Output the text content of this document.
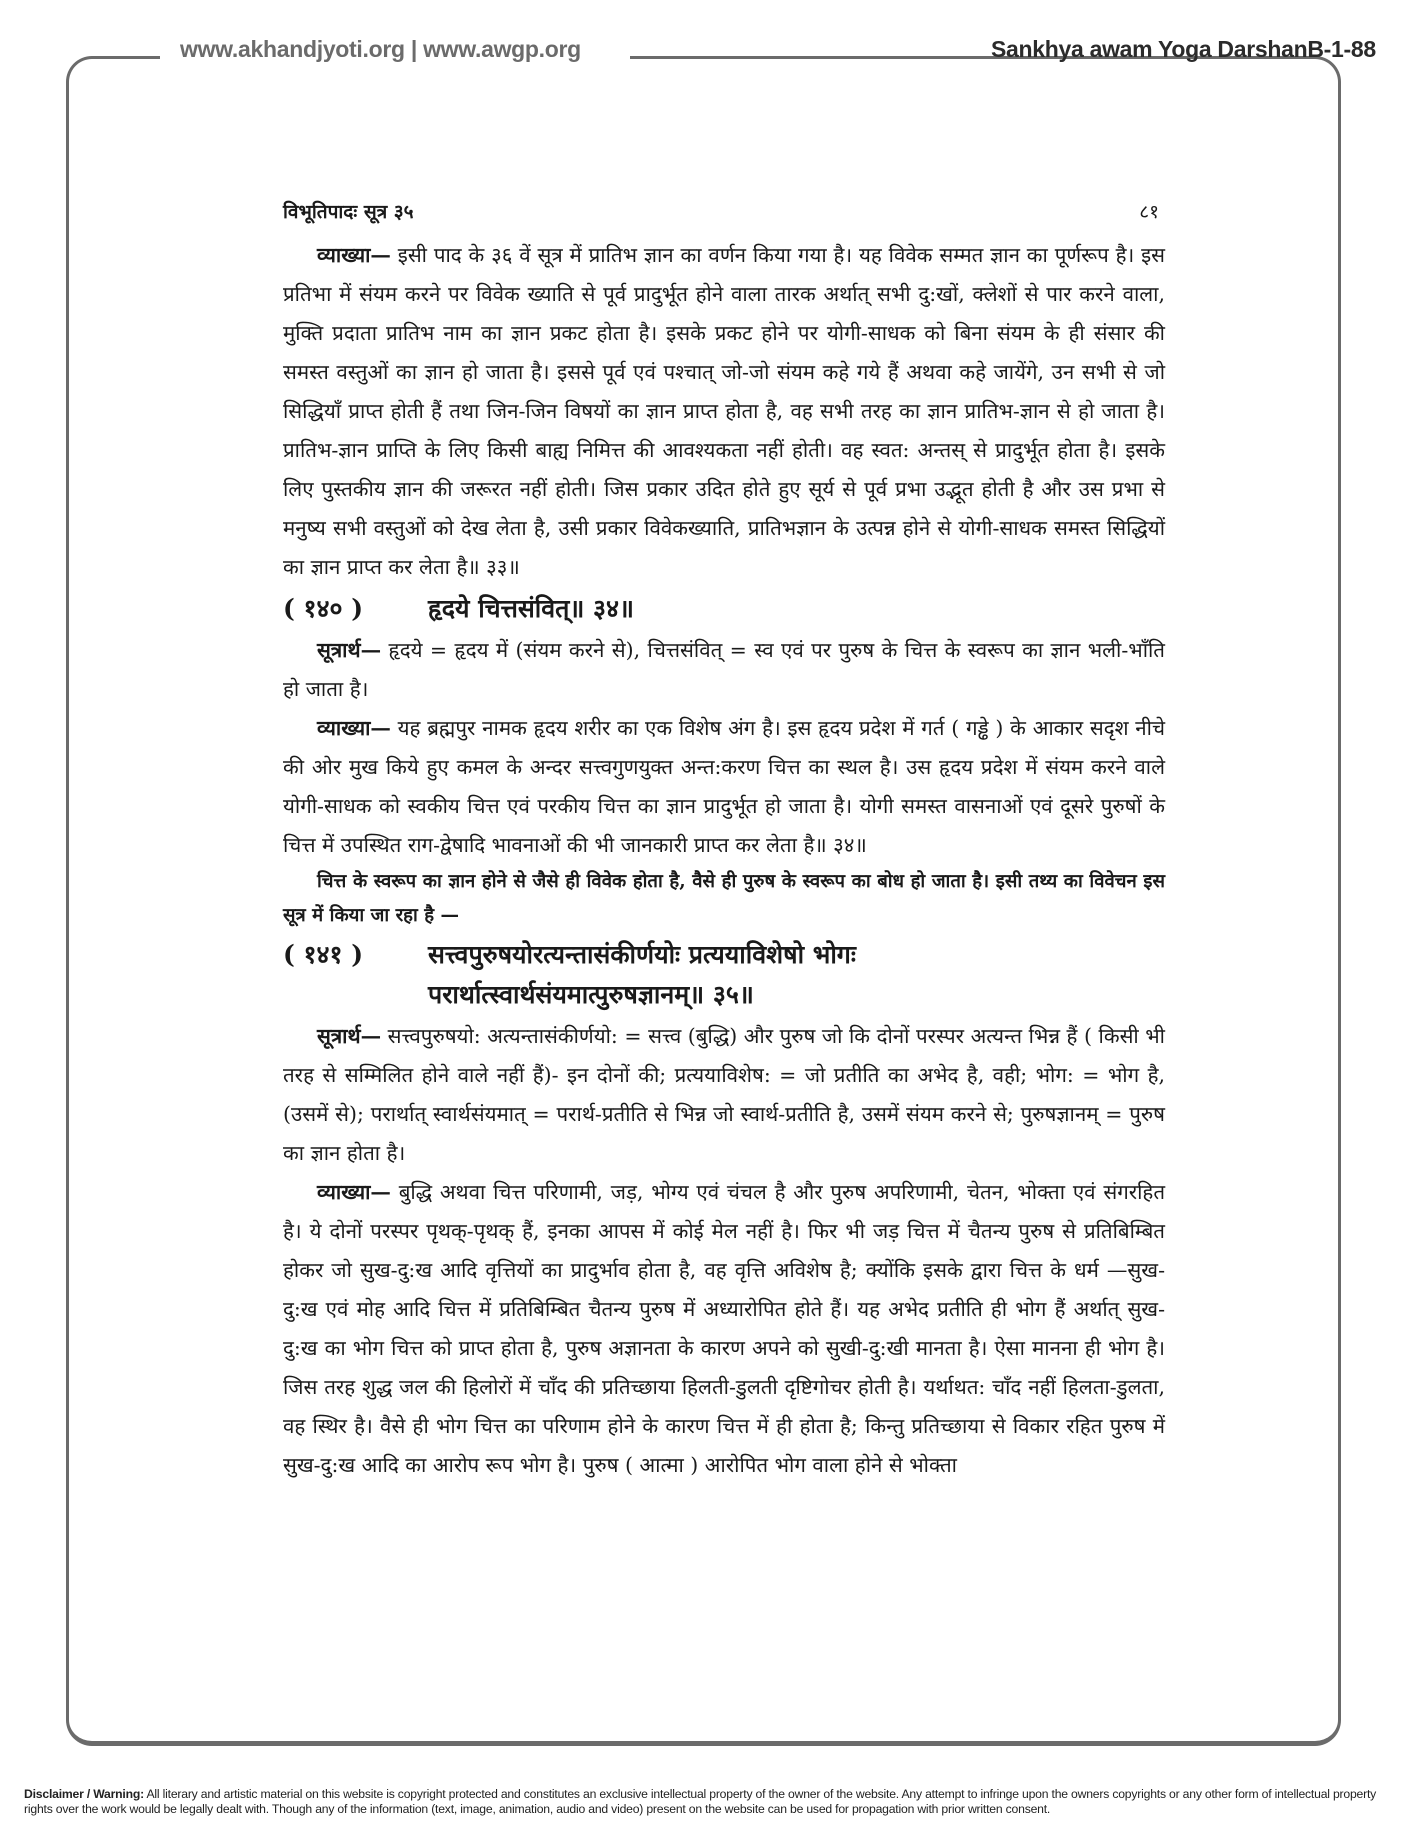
www.akhandjyoti.org | www.awgp.org	Sankhya awam Yoga DarshanB-1-88
विभूतिपादः सूत्र ३५	८१

व्याख्या— इसी पाद के ३६ वें सूत्र में प्रातिभ ज्ञान का वर्णन किया गया है। यह विवेक सम्मत ज्ञान का पूर्णरूप है। इस प्रतिभा में संयम करने पर विवेक ख्याति से पूर्व प्रादुर्भूत होने वाला तारक अर्थात् सभी दु:खों, क्लेशों से पार करने वाला, मुक्ति प्रदाता प्रातिभ नाम का ज्ञान प्रकट होता है। इसके प्रकट होने पर योगी-साधक को बिना संयम के ही संसार की समस्त वस्तुओं का ज्ञान हो जाता है। इससे पूर्व एवं पश्चात् जो-जो संयम कहे गये हैं अथवा कहे जायेंगे, उन सभी से जो सिद्धियाँ प्राप्त होती हैं तथा जिन-जिन विषयों का ज्ञान प्राप्त होता है, वह सभी तरह का ज्ञान प्रातिभ-ज्ञान से हो जाता है। प्रातिभ-ज्ञान प्राप्ति के लिए किसी बाह्य निमित्त की आवश्यकता नहीं होती। वह स्वत: अन्तस् से प्रादुर्भूत होता है। इसके लिए पुस्तकीय ज्ञान की जरूरत नहीं होती। जिस प्रकार उदित होते हुए सूर्य से पूर्व प्रभा उद्भूत होती है और उस प्रभा से मनुष्य सभी वस्तुओं को देख लेता है, उसी प्रकार विवेकख्याति, प्रातिभज्ञान के उत्पन्न होने से योगी-साधक समस्त सिद्धियों का ज्ञान प्राप्त कर लेता है॥ ३३॥

( १४० )	हृदये चित्तसंवित्॥ ३४॥

सूत्रार्थ— हृदये = हृदय में (संयम करने से), चित्तसंवित् = स्व एवं पर पुरुष के चित्त के स्वरूप का ज्ञान भली-भाँति हो जाता है।

व्याख्या— यह ब्रह्मपुर नामक हृदय शरीर का एक विशेष अंग है। इस हृदय प्रदेश में गर्त ( गड्ढे ) के आकार सदृश नीचे की ओर मुख किये हुए कमल के अन्दर सत्त्वगुणयुक्त अन्त:करण चित्त का स्थल है। उस हृदय प्रदेश में संयम करने वाले योगी-साधक को स्वकीय चित्त एवं परकीय चित्त का ज्ञान प्रादुर्भूत हो जाता है। योगी समस्त वासनाओं एवं दूसरे पुरुषों के चित्त में उपस्थित राग-द्वेषादि भावनाओं की भी जानकारी प्राप्त कर लेता है॥ ३४॥

चित्त के स्वरूप का ज्ञान होने से जैसे ही विवेक होता है, वैसे ही पुरुष के स्वरूप का बोध हो जाता है। इसी तथ्य का विवेचन इस सूत्र में किया जा रहा है —

( १४१ )	सत्त्वपुरुषयोरत्यन्तासंकीर्णयोः प्रत्ययाविशेषो भोगः
परार्थात्स्वार्थसंयमात्पुरुषज्ञानम्॥ ३५॥

सूत्रार्थ— सत्त्वपुरुषयो: अत्यन्तासंकीर्णयो: = सत्त्व (बुद्धि) और पुरुष जो कि दोनों परस्पर अत्यन्त भिन्न हैं ( किसी भी तरह से सम्मिलित होने वाले नहीं हैं)- इन दोनों की; प्रत्ययाविशेष: = जो प्रतीति का अभेद है, वही; भोग: = भोग है, (उसमें से); परार्थात् स्वार्थसंयमात् = परार्थ-प्रतीति से भिन्न जो स्वार्थ-प्रतीति है, उसमें संयम करने से; पुरुषज्ञानम् = पुरुष का ज्ञान होता है।

व्याख्या— बुद्धि अथवा चित्त परिणामी, जड़, भोग्य एवं चंचल है और पुरुष अपरिणामी, चेतन, भोक्ता एवं संगरहित है। ये दोनों परस्पर पृथक्-पृथक् हैं, इनका आपस में कोई मेल नहीं है। फिर भी जड़ चित्त में चैतन्य पुरुष से प्रतिबिम्बित होकर जो सुख-दु:ख आदि वृत्तियों का प्रादुर्भाव होता है, वह वृत्ति अविशेष है; क्योंकि इसके द्वारा चित्त के धर्म —सुख-दु:ख एवं मोह आदि चित्त में प्रतिबिम्बित चैतन्य पुरुष में अध्यारोपित होते हैं। यह अभेद प्रतीति ही भोग हैं अर्थात् सुख-दु:ख का भोग चित्त को प्राप्त होता है, पुरुष अज्ञानता के कारण अपने को सुखी-दु:खी मानता है। ऐसा मानना ही भोग है। जिस तरह शुद्ध जल की हिलोरों में चाँद की प्रतिच्छाया हिलती-डुलती दृष्टिगोचर होती है। यर्थाथत: चाँद नहीं हिलता-डुलता, वह स्थिर है। वैसे ही भोग चित्त का परिणाम होने के कारण चित्त में ही होता है; किन्तु प्रतिच्छाया से विकार रहित पुरुष में सुख-दु:ख आदि का आरोप रूप भोग है। पुरुष ( आत्मा ) आरोपित भोग वाला होने से भोक्ता

Disclaimer / Warning: All literary and artistic material on this website is copyright protected and constitutes an exclusive intellectual property of the owner of the website. Any attempt to infringe upon the owners copyrights or any other form of intellectual property rights over the work would be legally dealt with. Though any of the information (text, image, animation, audio and video) present on the website can be used for propagation with prior written consent.
